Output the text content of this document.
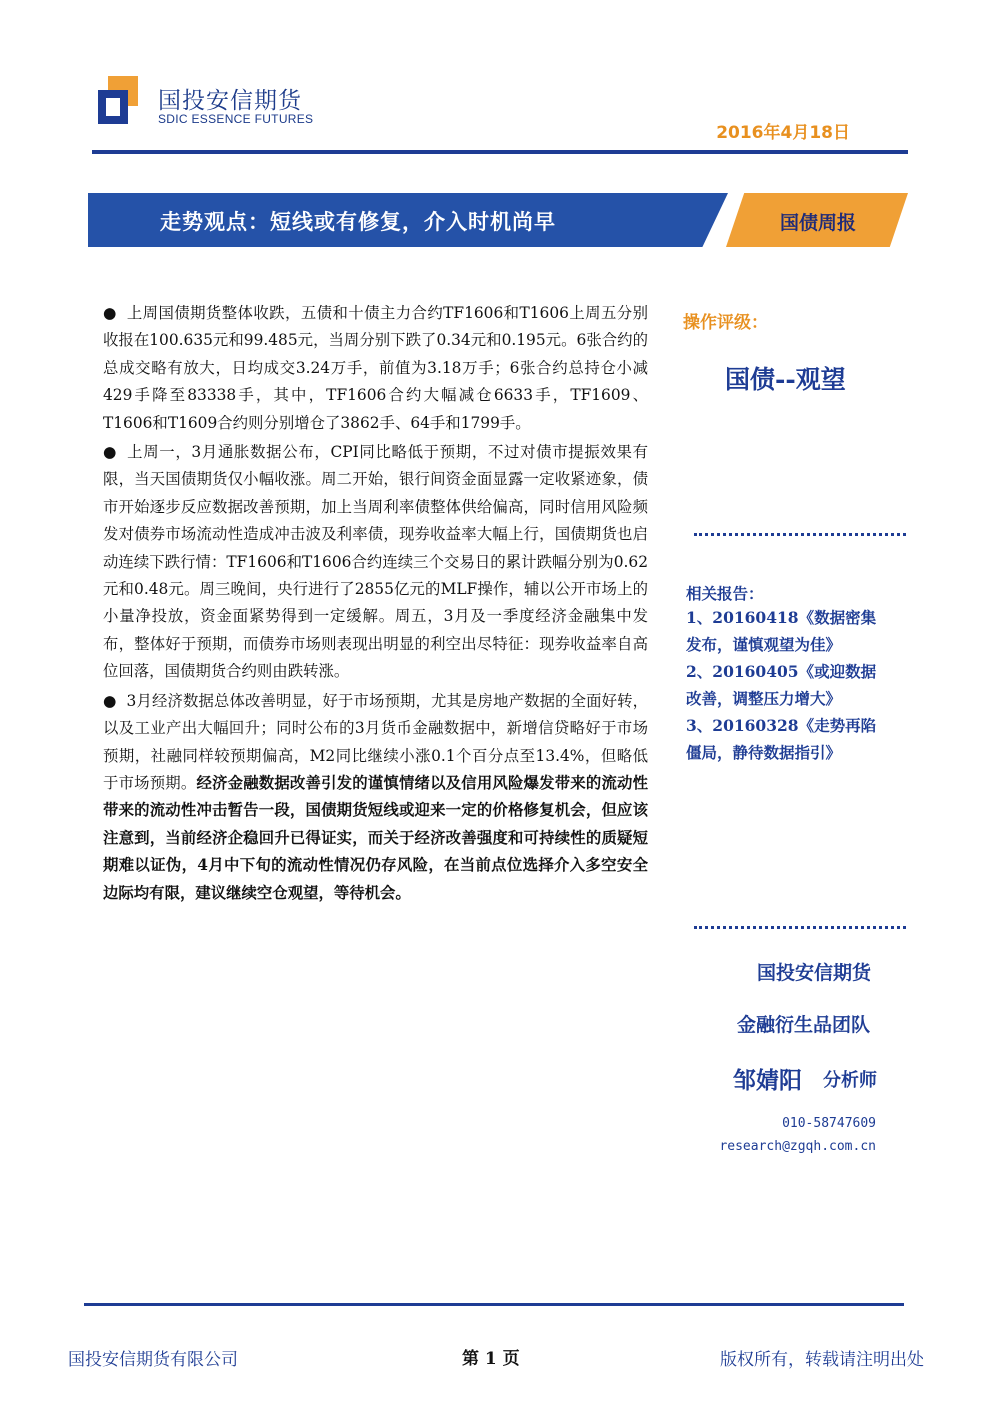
国投安信期货
SDIC ESSENCE FUTURES
2016年4月18日
走势观点：短线或有修复，介入时机尚早	国债周报

● 上周国债期货整体收跌，五债和十债主力合约TF1606和T1606上周五分别收报在100.635元和99.485元，当周分别下跌了0.34元和0.195元。6张合约的总成交略有放大，日均成交3.24万手，前值为3.18万手；6张合约总持仓小减429手降至83338手，其中，TF1606合约大幅减仓6633手，TF1609、T1606和T1609合约则分别增仓了3862手、64手和1799手。

● 上周一，3月通胀数据公布，CPI同比略低于预期，不过对债市提振效果有限，当天国债期货仅小幅收涨。周二开始，银行间资金面显露一定收紧迹象，债市开始逐步反应数据改善预期，加上当周利率债整体供给偏高，同时信用风险频发对债券市场流动性造成冲击波及利率债，现券收益率大幅上行，国债期货也启动连续下跌行情：TF1606和T1606合约连续三个交易日的累计跌幅分别为0.62元和0.48元。周三晚间，央行进行了2855亿元的MLF操作，辅以公开市场上的小量净投放，资金面紧势得到一定缓解。周五，3月及一季度经济金融集中发布，整体好于预期，而债券市场则表现出明显的利空出尽特征：现券收益率自高位回落，国债期货合约则由跌转涨。

● 3月经济数据总体改善明显，好于市场预期，尤其是房地产数据的全面好转，以及工业产出大幅回升；同时公布的3月货币金融数据中，新增信贷略好于市场预期，社融同样较预期偏高，M2同比继续小涨0.1个百分点至13.4%，但略低于市场预期。经济金融数据改善引发的谨慎情绪以及信用风险爆发带来的流动性带来的流动性冲击暂告一段，国债期货短线或迎来一定的价格修复机会，但应该注意到，当前经济企稳回升已得证实，而关于经济改善强度和可持续性的质疑短期难以证伪，4月中下旬的流动性情况仍存风险，在当前点位选择介入多空安全边际均有限，建议继续空仓观望，等待机会。

操作评级：
国债--观望
相关报告：
1、20160418《数据密集
发布，谨慎观望为佳》
2、20160405《或迎数据
改善，调整压力增大》
3、20160328《走势再陷
僵局，静待数据指引》
国投安信期货
金融衍生品团队
邹婧阳 分析师
010-58747609
research@zgqh.com.cn
国投安信期货有限公司	第 1 页	版权所有，转载请注明出处
